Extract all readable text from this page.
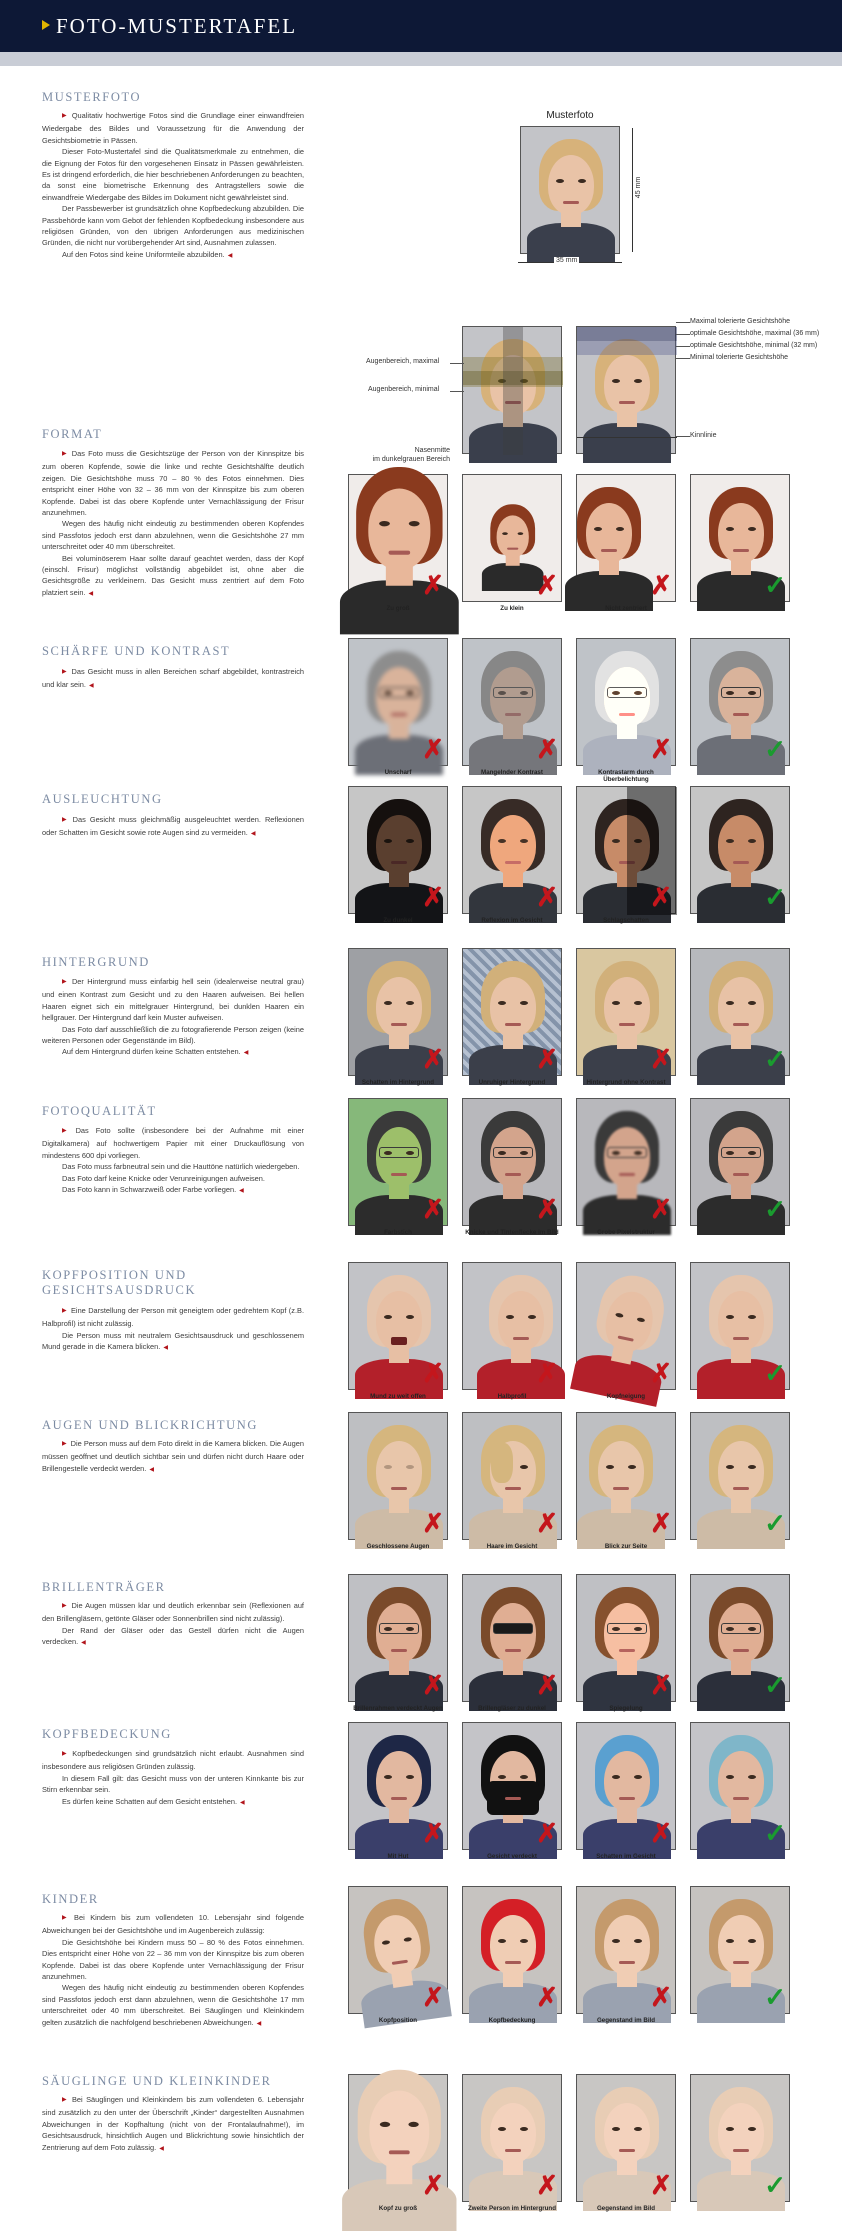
FOTO-MUSTERTAFEL
Musterfoto
45 mm
35 mm
Augenbereich, maximal
Augenbereich, minimal
Nasenmitte
im dunkelgrauen Bereich
Maximal tolerierte Gesichtshöhe
optimale Gesichtshöhe, maximal (36 mm)
optimale Gesichtshöhe, minimal (32 mm)
Minimal tolerierte Gesichtshöhe
Kinnlinie
MUSTERFOTO

▶ Qualitativ hochwertige Fotos sind die Grundlage einer einwandfreien Wiedergabe des Bildes und Voraussetzung für die Anwendung der Gesichtsbiometrie in Pässen.

Dieser Foto-Mustertafel sind die Qualitätsmerkmale zu entnehmen, die die Eignung der Fotos für den vorgesehenen Einsatz in Pässen gewährleisten. Es ist dringend erforderlich, die hier beschriebenen Anforderungen zu beachten, da sonst eine biometrische Erkennung des Antragstellers sowie die einwandfreie Wiedergabe des Bildes im Dokument nicht gewährleistet sind.

Der Passbewerber ist grundsätzlich ohne Kopfbedeckung abzubilden. Die Passbehörde kann vom Gebot der fehlenden Kopfbedeckung insbesondere aus religiösen Gründen, von den übrigen Anforderungen aus medizinischen Gründen, die nicht nur vorübergehender Art sind, Ausnahmen zulassen.

Auf den Fotos sind keine Uniformteile abzubilden. ◀

FORMAT

▶ Das Foto muss die Gesichtszüge der Person von der Kinnspitze bis zum oberen Kopfende, sowie die linke und rechte Gesichtshälfte deutlich zeigen. Die Gesichtshöhe muss 70 – 80 % des Fotos einnehmen. Dies entspricht einer Höhe von 32 – 36 mm von der Kinnspitze bis zum oberen Kopfende. Dabei ist das obere Kopfende unter Vernachlässigung der Frisur anzunehmen.

Wegen des häufig nicht eindeutig zu bestimmenden oberen Kopfendes sind Passfotos jedoch erst dann abzulehnen, wenn die Gesichtshöhe 27 mm unterschreitet oder 40 mm überschreitet.

Bei voluminöserem Haar sollte darauf geachtet werden, dass der Kopf (einschl. Frisur) möglichst vollständig abgebildet ist, ohne aber die Gesichtsgröße zu verkleinern. Das Gesicht muss zentriert auf dem Foto platziert sein. ◀	✗
Zu groß
✗
Zu klein
✗
Nicht zentriert
✓
SCHÄRFE UND KONTRAST

▶ Das Gesicht muss in allen Bereichen scharf abgebildet, kontrastreich und klar sein. ◀

✗
Unscharf
✗
Mangelnder Kontrast
✗
Kontrastarm durch Überbelichtung
✓
AUSLEUCHTUNG

▶ Das Gesicht muss gleichmäßig ausgeleuchtet werden. Reflexionen oder Schatten im Gesicht sowie rote Augen sind zu vermeiden. ◀

✗
Zu dunkel
✗
Reflexion im Gesicht
✗
Schlagschatten
✓
HINTERGRUND

▶ Der Hintergrund muss einfarbig hell sein (idealerweise neutral grau) und einen Kontrast zum Gesicht und zu den Haaren aufweisen. Bei hellen Haaren eignet sich ein mittelgrauer Hintergrund, bei dunklen Haaren ein hellgrauer. Der Hintergrund darf kein Muster aufweisen.

Das Foto darf ausschließlich die zu fotografierende Person zeigen (keine weiteren Personen oder Gegenstände im Bild).

Auf dem Hintergrund dürfen keine Schatten entstehen. ◀	✗
Schatten im Hintergrund
✗
Unruhiger Hintergrund
✗
Hintergrund ohne Kontrast
✓
FOTOQUALITÄT

▶ Das Foto sollte (insbesondere bei der Aufnahme mit einer Digitalkamera) auf hochwertigem Papier mit einer Druckauflösung von mindestens 600 dpi vorliegen.

Das Foto muss farbneutral sein und die Hauttöne natürlich wiedergeben.

Das Foto darf keine Knicke oder Verunreinigungen aufweisen.

Das Foto kann in Schwarzweiß oder Farbe vorliegen. ◀

✗
Farbstich
✗
Knicke und Tintenflecke im Bild
✗
Grobe Pixelstruktur
✓
KOPFPOSITION UND GESICHTSAUSDRUCK

▶ Eine Darstellung der Person mit geneigtem oder gedrehtem Kopf (z.B. Halbprofil) ist nicht zulässig.

Die Person muss mit neutralem Gesichtsausdruck und geschlossenem Mund gerade in die Kamera blicken. ◀

✗
Mund zu weit offen
✗
Halbprofil
✗
Kopfneigung
✓
AUGEN UND BLICKRICHTUNG

▶ Die Person muss auf dem Foto direkt in die Kamera blicken. Die Augen müssen geöffnet und deutlich sichtbar sein und dürfen nicht durch Haare oder Brillengestelle verdeckt werden. ◀

✗
Geschlossene Augen
✗
Haare im Gesicht
✗
Blick zur Seite
✓
BRILLENTRÄGER

▶ Die Augen müssen klar und deutlich erkennbar sein (Reflexionen auf den Brillengläsern, getönte Gläser oder Sonnenbrillen sind nicht zulässig).

Der Rand der Gläser oder das Gestell dürfen nicht die Augen verdecken. ◀

✗
Brillenrahmen verdeckt Augen
✗
Brillengläser zu dunkel
✗
Spiegelung
✓
KOPFBEDECKUNG

▶ Kopfbedeckungen sind grundsätzlich nicht erlaubt. Ausnahmen sind insbesondere aus religiösen Gründen zulässig.

In diesem Fall gilt: das Gesicht muss von der unteren Kinnkante bis zur Stirn erkennbar sein.

Es dürfen keine Schatten auf dem Gesicht entstehen. ◀

✗
Mit Hut
✗
Gesicht verdeckt
✗
Schatten im Gesicht
✓
KINDER

▶ Bei Kindern bis zum vollendeten 10. Lebensjahr sind folgende Abweichungen bei der Gesichtshöhe und im Augenbereich zulässig:

Die Gesichtshöhe bei Kindern muss 50 – 80 % des Fotos einnehmen. Dies entspricht einer Höhe von 22 – 36 mm von der Kinnspitze bis zum oberen Kopfende. Dabei ist das obere Kopfende unter Vernachlässigung der Frisur anzunehmen.

Wegen des häufig nicht eindeutig zu bestimmenden oberen Kopfendes sind Passfotos jedoch erst dann abzulehnen, wenn die Gesichtshöhe 17 mm unterschreitet oder 40 mm überschreitet. Bei Säuglingen und Kleinkindern gelten zusätzlich die nachfolgend beschriebenen Abweichungen. ◀

✗
Kopfposition
✗
Kopfbedeckung
✗
Gegenstand im Bild
✓
SÄUGLINGE UND KLEINKINDER

▶ Bei Säuglingen und Kleinkindern bis zum vollendeten 6. Lebensjahr sind zusätzlich zu den unter der Überschrift „Kinder“ dargestellten Ausnahmen Abweichungen in der Kopfhaltung (nicht von der Frontalaufnahme!), im Gesichtsausdruck, hinsichtlich Augen und Blickrichtung sowie hinsichtlich der Zentrierung auf dem Foto zulässig. ◀

✗
Kopf zu groß
✗
Zweite Person im Hintergrund
✗
Gegenstand im Bild
✓
